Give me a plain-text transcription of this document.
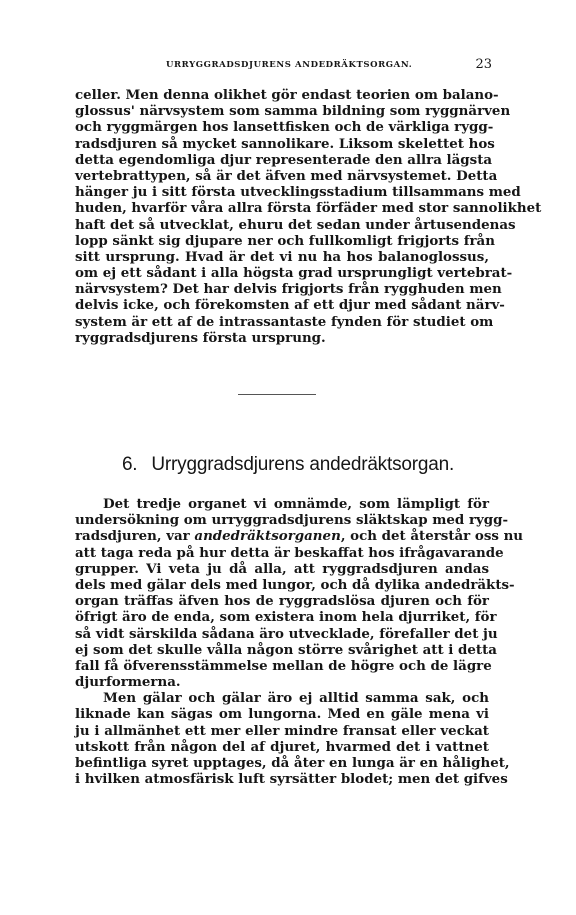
URRYGGRADSDJURENS ANDEDRÄKTSORGAN.	23
celler. Men denna olikhet gör endast teorien om balano-
glossus' närvsystem som samma bildning som ryggnärven
och ryggmärgen hos lansettfisken och de värkliga rygg-
radsdjuren så mycket sannolikare. Liksom skelettet hos
detta egendomliga djur representerade den allra lägsta
vertebrattypen, så är det äfven med närvsystemet. Detta
hänger ju i sitt första utvecklingsstadium tillsammans med
huden, hvarför våra allra första förfäder med stor sannolikhet
haft det så utvecklat, ehuru det sedan under årtusendenas
lopp sänkt sig djupare ner och fullkomligt frigjorts från
sitt ursprung. Hvad är det vi nu ha hos balanoglossus,
om ej ett sådant i alla högsta grad ursprungligt vertebrat-
närvsystem? Det har delvis frigjorts från rygghuden men
delvis icke, och förekomsten af ett djur med sådant närv-
system är ett af de intrassantaste fynden för studiet om
ryggradsdjurens första ursprung.
6. Urryggradsdjurens andedräktsorgan.
Det tredje organet vi omnämde, som lämpligt för
undersökning om urryggradsdjurens släktskap med rygg-
radsdjuren, var andedräktsorganen, och det återstår oss nu
att taga reda på hur detta är beskaffat hos ifrågavarande
grupper. Vi veta ju då alla, att ryggradsdjuren andas
dels med gälar dels med lungor, och då dylika andedräkts-
organ träffas äfven hos de ryggradslösa djuren och för
öfrigt äro de enda, som existera inom hela djurriket, för
så vidt särskilda sådana äro utvecklade, förefaller det ju
ej som det skulle vålla någon större svårighet att i detta
fall få öfverensstämmelse mellan de högre och de lägre
djurformerna.
Men gälar och gälar äro ej alltid samma sak, och
liknade kan sägas om lungorna. Med en gäle mena vi
ju i allmänhet ett mer eller mindre fransat eller veckat
utskott från någon del af djuret, hvarmed det i vattnet
befintliga syret upptages, då åter en lunga är en hålighet,
i hvilken atmosfärisk luft syrsätter blodet; men det gifves
